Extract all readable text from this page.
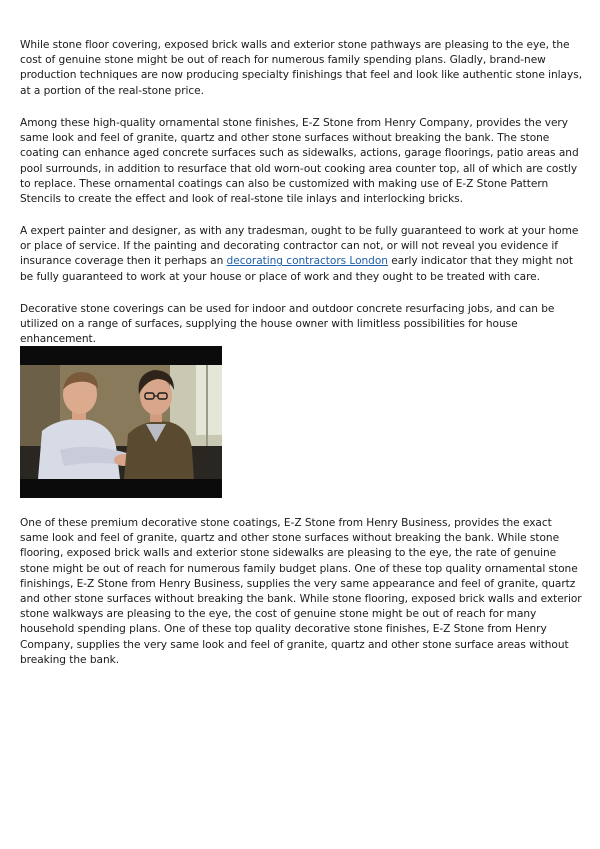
While stone floor covering, exposed brick walls and exterior stone pathways are pleasing to the eye, the cost of genuine stone might be out of reach for numerous family spending plans. Gladly, brand-new production techniques are now producing specialty finishings that feel and look like authentic stone inlays, at a portion of the real-stone price.

Among these high-quality ornamental stone finishes, E-Z Stone from Henry Company, provides the very same look and feel of granite, quartz and other stone surfaces without breaking the bank. The stone coating can enhance aged concrete surfaces such as sidewalks, actions, garage floorings, patio areas and pool surrounds, in addition to resurface that old worn-out cooking area counter top, all of which are costly to replace. These ornamental coatings can also be customized with making use of E-Z Stone Pattern Stencils to create the effect and look of real-stone tile inlays and interlocking bricks.

A expert painter and designer, as with any tradesman, ought to be fully guaranteed to work at your home or place of service. If the painting and decorating contractor can not, or will not reveal you evidence if insurance coverage then it perhaps an decorating contractors London early indicator that they might not be fully guaranteed to work at your house or place of work and they ought to be treated with care.

Decorative stone coverings can be used for indoor and outdoor concrete resurfacing jobs, and can be utilized on a range of surfaces, supplying the house owner with limitless possibilities for house enhancement.

One of these premium decorative stone coatings, E-Z Stone from Henry Business, provides the exact same look and feel of granite, quartz and other stone surfaces without breaking the bank. While stone flooring, exposed brick walls and exterior stone sidewalks are pleasing to the eye, the rate of genuine stone might be out of reach for numerous family budget plans. One of these top quality ornamental stone finishings, E-Z Stone from Henry Business, supplies the very same appearance and feel of granite, quartz and other stone surfaces without breaking the bank. While stone flooring, exposed brick walls and exterior stone walkways are pleasing to the eye, the cost of genuine stone might be out of reach for many household spending plans. One of these top quality decorative stone finishes, E-Z Stone from Henry Company, supplies the very same look and feel of granite, quartz and other stone surface areas without breaking the bank.
